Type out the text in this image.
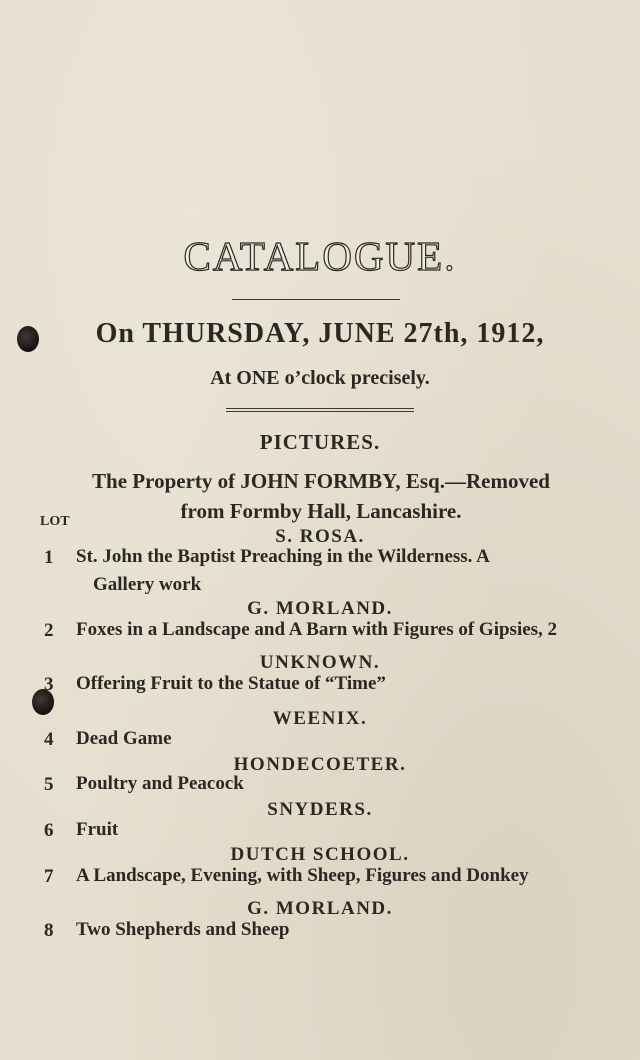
CATALOGUE.
On THURSDAY, JUNE 27th, 1912,
At ONE o’clock precisely.
PICTURES.
The Property of JOHN FORMBY, Esq.—Removed
from Formby Hall, Lancashire.
LOT
S. ROSA.
1 St. John the Baptist Preaching in the Wilderness. A
Gallery work
G. MORLAND.
2 Foxes in a Landscape and A Barn with Figures of Gipsies, 2
UNKNOWN.
3 Offering Fruit to the Statue of “Time”
WEENIX.
4 Dead Game
HONDECOETER.
5 Poultry and Peacock
SNYDERS.
6 Fruit
DUTCH SCHOOL.
7 A Landscape, Evening, with Sheep, Figures and Donkey
G. MORLAND.
8 Two Shepherds and Sheep
